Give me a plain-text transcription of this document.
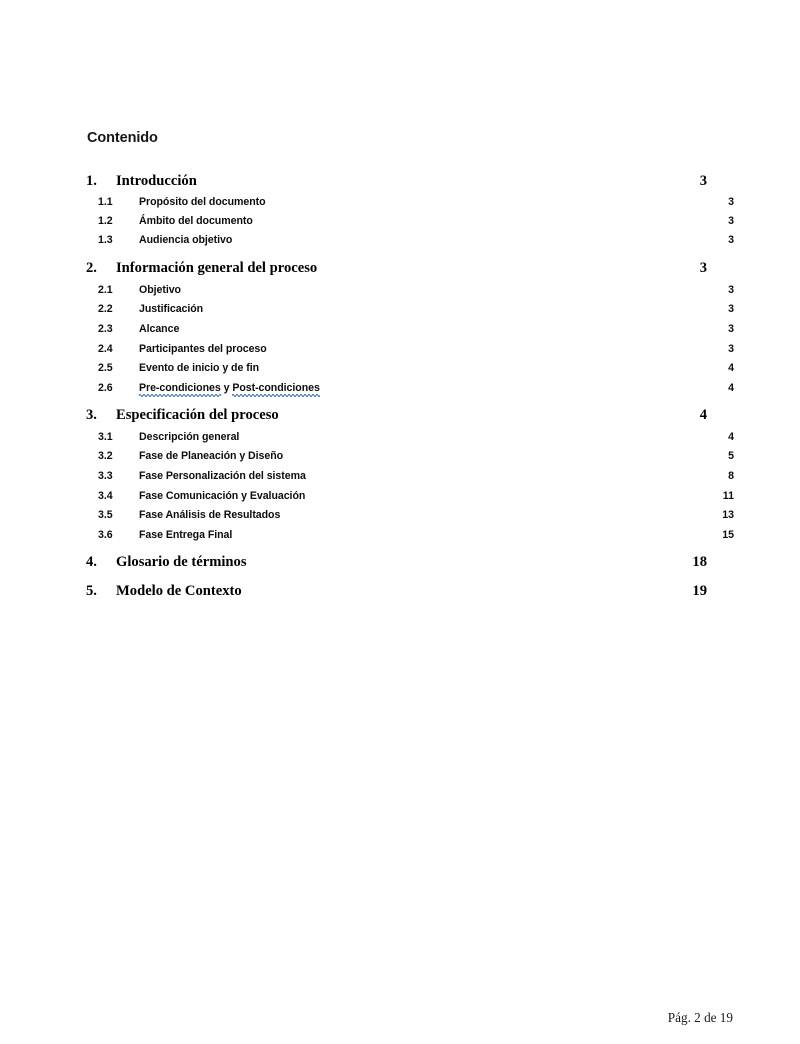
Contenido
1. Introducción	3
1.1 Propósito del documento	3
1.2 Ámbito del documento	3
1.3 Audiencia objetivo	3
2. Información general del proceso	3
2.1 Objetivo	3
2.2 Justificación	3
2.3 Alcance	3
2.4 Participantes del proceso	3
2.5 Evento de inicio y de fin	4
2.6 Pre-condiciones y Post-condiciones	4
3. Especificación del proceso	4
3.1 Descripción general	4
3.2 Fase de Planeación y Diseño	5
3.3 Fase Personalización del sistema	8
3.4 Fase Comunicación y Evaluación	11
3.5 Fase Análisis de Resultados	13
3.6 Fase Entrega Final	15
4. Glosario de términos	18
5. Modelo de Contexto	19
Pág. 2 de 19
